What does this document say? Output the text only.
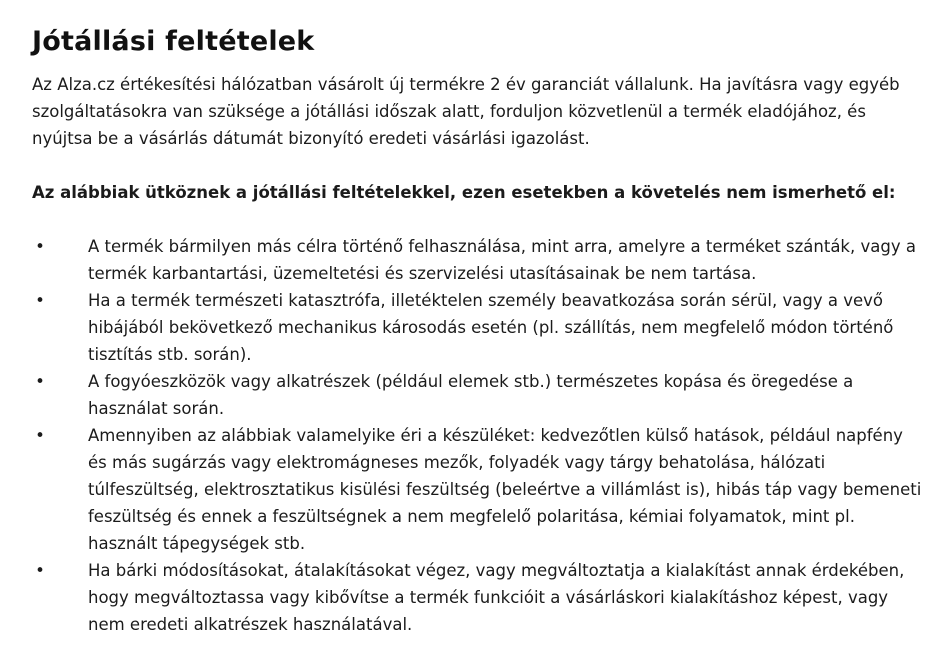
Jótállási feltételek

Az Alza.cz értékesítési hálózatban vásárolt új termékre 2 év garanciát vállalunk. Ha javításra vagy egyéb szolgáltatásokra van szüksége a jótállási időszak alatt, forduljon közvetlenül a termék eladójához, és nyújtsa be a vásárlás dátumát bizonyító eredeti vásárlási igazolást.

Az alábbiak ütköznek a jótállási feltételekkel, ezen esetekben a követelés nem ismerhető el:

•	A termék bármilyen más célra történő felhasználása, mint arra, amelyre a terméket szánták, vagy a termék karbantartási, üzemeltetési és szervizelési utasításainak be nem tartása.
•	Ha a termék természeti katasztrófa, illetéktelen személy beavatkozása során sérül, vagy a vevő hibájából bekövetkező mechanikus károsodás esetén (pl. szállítás, nem megfelelő módon történő tisztítás stb. során).
•	A fogyóeszközök vagy alkatrészek (például elemek stb.) természetes kopása és öregedése a használat során.
•	Amennyiben az alábbiak valamelyike éri a készüléket: kedvezőtlen külső hatások, például napfény és más sugárzás vagy elektromágneses mezők, folyadék vagy tárgy behatolása, hálózati túlfeszültség, elektrosztatikus kisülési feszültség (beleértve a villámlást is), hibás táp vagy bemeneti feszültség és ennek a feszültségnek a nem megfelelő polaritása, kémiai folyamatok, mint pl. használt tápegységek stb.
•	Ha bárki módosításokat, átalakításokat végez, vagy megváltoztatja a kialakítást annak érdekében, hogy megváltoztassa vagy kibővítse a termék funkcióit a vásárláskori kialakításhoz képest, vagy nem eredeti alkatrészek használatával.
